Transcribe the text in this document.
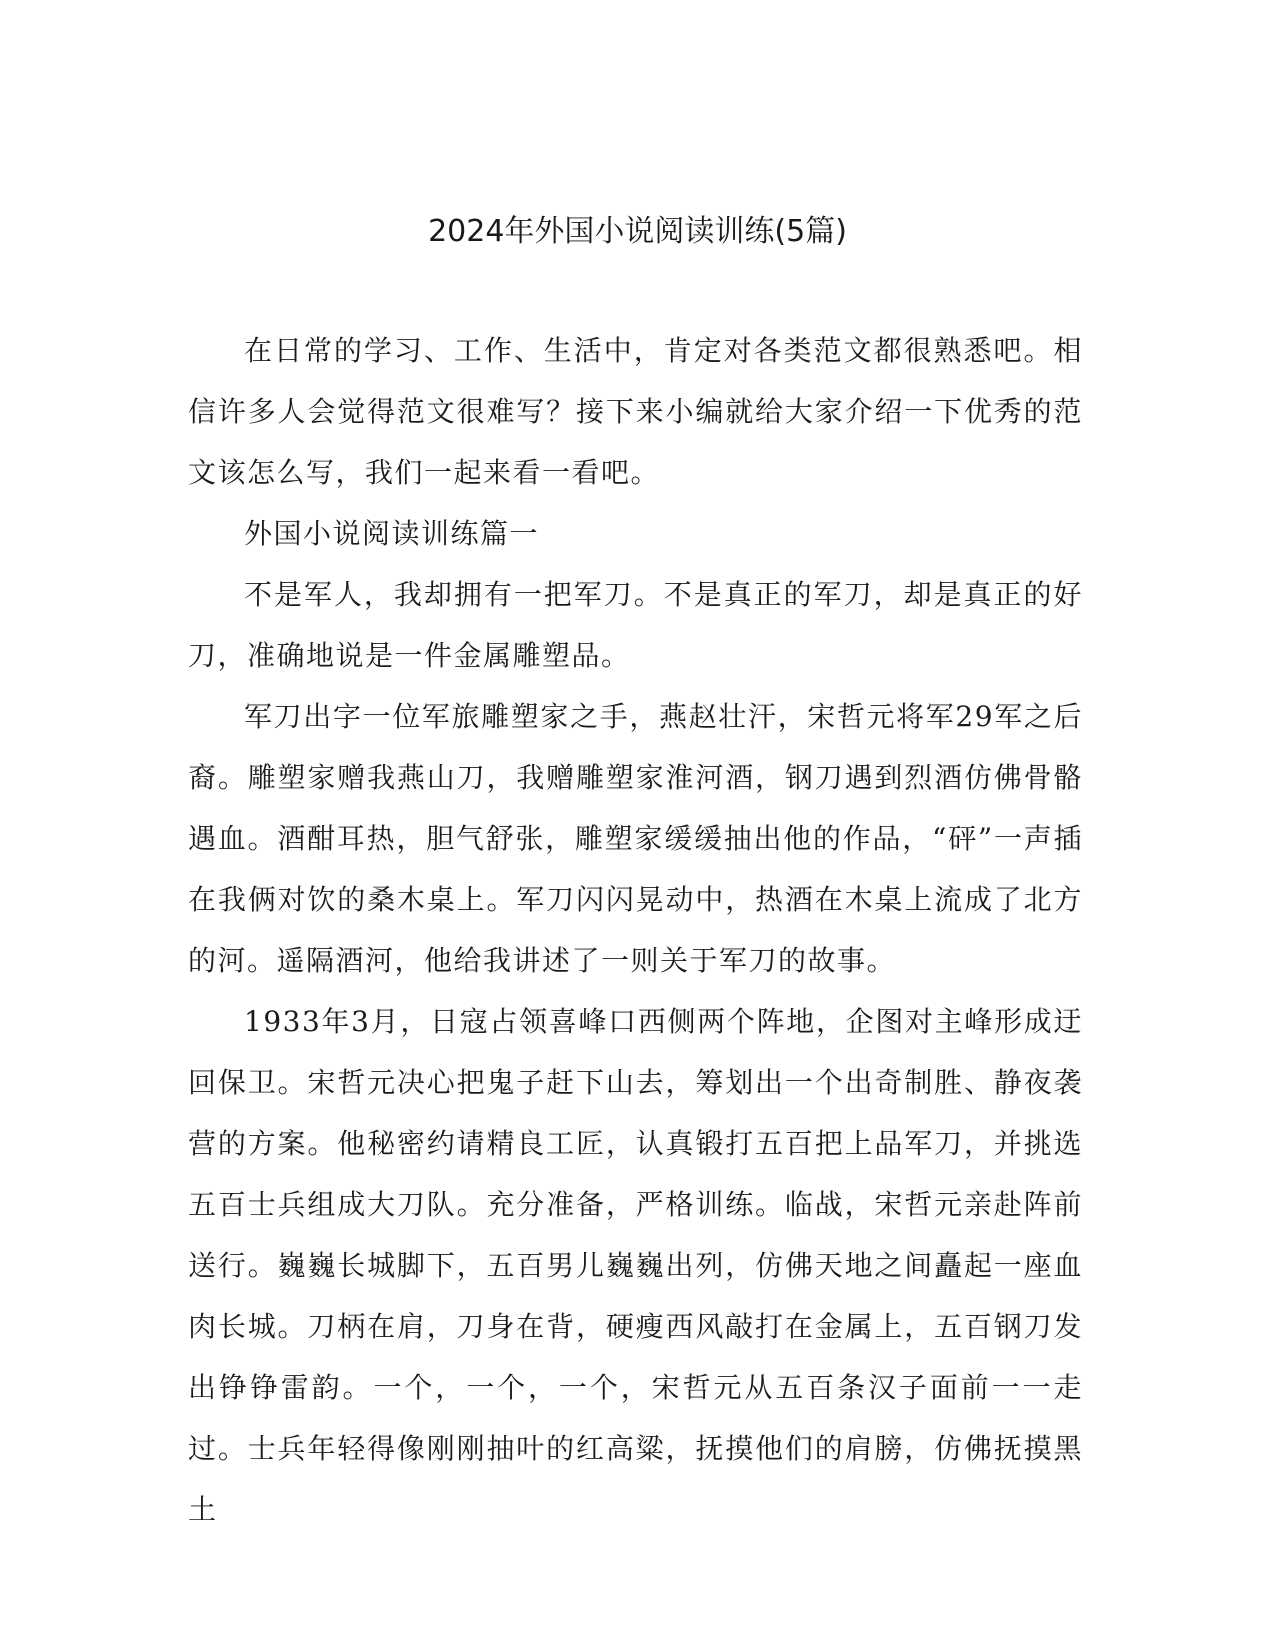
2024年外国小说阅读训练(5篇)

在日常的学习、工作、生活中，肯定对各类范文都很熟悉吧。相信许多人会觉得范文很难写？接下来小编就给大家介绍一下优秀的范文该怎么写，我们一起来看一看吧。

外国小说阅读训练篇一

不是军人，我却拥有一把军刀。不是真正的军刀，却是真正的好刀，准确地说是一件金属雕塑品。

军刀出字一位军旅雕塑家之手，燕赵壮汗，宋哲元将军29军之后裔。雕塑家赠我燕山刀，我赠雕塑家淮河酒，钢刀遇到烈酒仿佛骨骼遇血。酒酣耳热，胆气舒张，雕塑家缓缓抽出他的作品，“砰”一声插在我俩对饮的桑木桌上。军刀闪闪晃动中，热酒在木桌上流成了北方的河。遥隔酒河，他给我讲述了一则关于军刀的故事。

1933年3月，日寇占领喜峰口西侧两个阵地，企图对主峰形成迂回保卫。宋哲元决心把鬼子赶下山去，筹划出一个出奇制胜、静夜袭营的方案。他秘密约请精良工匠，认真锻打五百把上品军刀，并挑选五百士兵组成大刀队。充分准备，严格训练。临战，宋哲元亲赴阵前送行。巍巍长城脚下，五百男儿巍巍出列，仿佛天地之间矗起一座血肉长城。刀柄在肩，刀身在背，硬瘦西风敲打在金属上，五百钢刀发出铮铮雷韵。一个，一个，一个，宋哲元从五百条汉子面前一一走过。士兵年轻得像刚刚抽叶的红高粱，抚摸他们的肩膀，仿佛抚摸黑土
